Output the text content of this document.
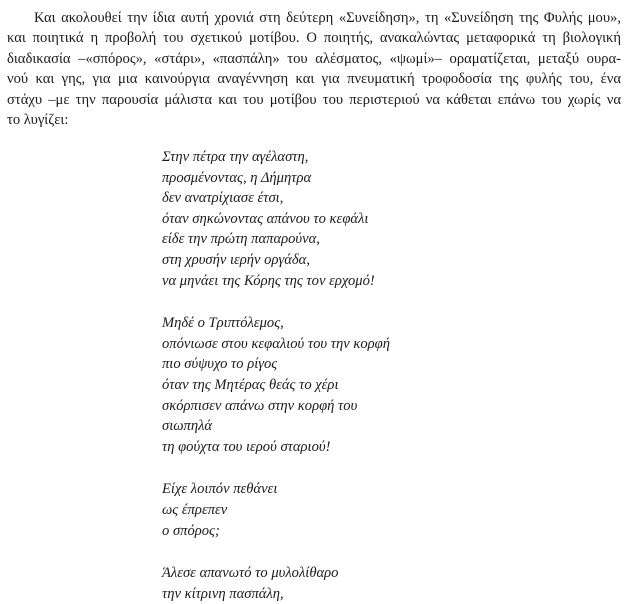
Και ακολουθεί την ίδια αυτή χρονιά στη δεύτερη «Συνείδηση», τη «Συνείδηση της Φυλής μου»,
και ποιητικά η προβολή του σχετικού μοτίβου. Ο ποιητής, ανακαλώντας μεταφορικά τη βιολογική
διαδικασία –«σπόρος», «στάρι», «πασπάλη» του αλέσματος, «ψωμί»– οραματίζεται, μεταξύ ουρα-
νού και γης, για μια καινούργια αναγέννηση και για πνευματική τροφοδοσία της φυλής του, ένα
στάχυ –με την παρουσία μάλιστα και του μοτίβου του περιστεριού να κάθεται επάνω του χωρίς να
το λυγίζει:
Στην πέτρα την αγέλαστη,
προσμένοντας, η Δήμητρα
δεν ανατρίχιασε έτσι,
όταν σηκώνοντας απάνου το κεφάλι
είδε την πρώτη παπαρούνα,
στη χρυσήν ιερήν οργάδα,
να μηνάει της Κόρης της τον ερχομό!
Μηδέ ο Τριπτόλεμος,
οπόνιωσε στου κεφαλιού του την κορφή
πιο σύψυχο το ρίγος
όταν της Μητέρας θεάς το χέρι
σκόρπισεν απάνω στην κορφή του
σιωπηλά
τη φούχτα του ιερού σταριού!
Είχε λοιπόν πεθάνει
ως έπρεπεν
ο σπόρος;
Άλεσε απανωτό το μυλολίθαρο
την κίτρινη πασπάλη,
